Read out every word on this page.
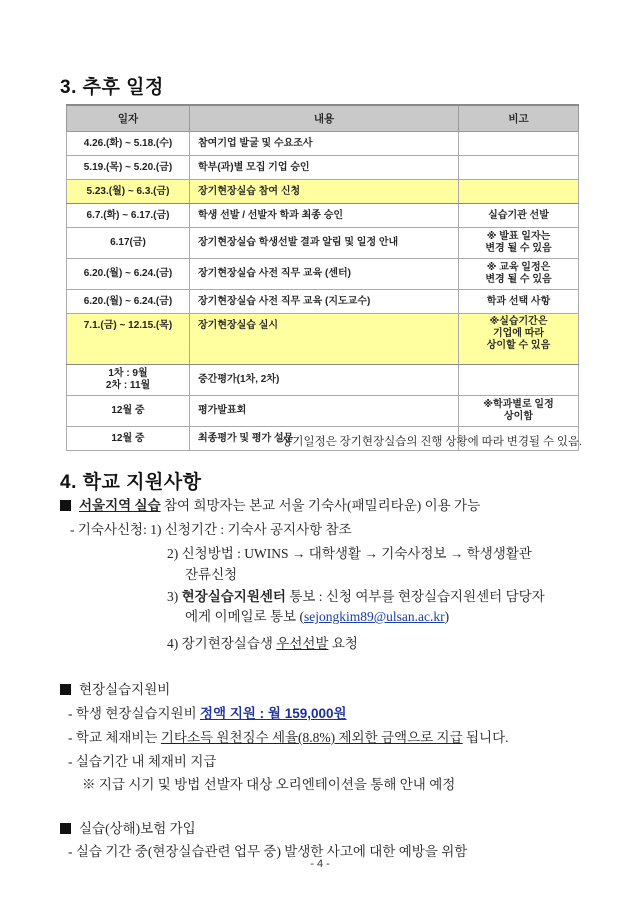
3. 추후 일정
일자	내용	비고
4.26.(화) ~ 5.18.(수)	참여기업 발굴 및 수요조사	
5.19.(목) ~ 5.20.(금)	학부(과)별 모집 기업 승인	
5.23.(월) ~ 6.3.(금)	장기현장실습 참여 신청	
6.7.(화) ~ 6.17.(금)	학생 선발 / 선발자 학과 최종 승인	실습기관 선발
6.17(금)	장기현장실습 학생선발 결과 알림 및 일정 안내	※ 발표 일자는
변경 될 수 있음

6.20.(월) ~ 6.24.(금)	장기현장실습 사전 직무 교육 (센터)	※ 교육 일정은
변경 될 수 있음

6.20.(월) ~ 6.24.(금)	장기현장실습 사전 직무 교육 (지도교수)	학과 선택 사항
7.1.(금) ~ 12.15.(목)	장기현장실습 실시	※실습기간은
기업에 따라
상이할 수 있음

1차 : 9월
2차 : 11월	중간평가(1차, 2차)	
12월 중	평가발표회	※학과별로 일정
상이함

12월 중	최종평가 및 평가 설문	
-상기일정은 장기현장실습의 진행 상황에 따라 변경될 수 있음.
4. 학교 지원사항
서울지역 실습 참여 희망자는 본교 서울 기숙사(패밀리타운) 이용 가능
- 기숙사신청: 1) 신청기간 : 기숙사 공지사항 참조
2) 신청방법 : UWINS → 대학생활 → 기숙사정보 → 학생생활관
잔류신청
3) 현장실습지원센터 통보 : 신청 여부를 현장실습지원센터 담당자
에게 이메일로 통보 (sejongkim89@ulsan.ac.kr)
4) 장기현장실습생 우선선발 요청
현장실습지원비
- 학생 현장실습지원비 정액 지원 : 월 159,000원
- 학교 체재비는 기타소득 원천징수 세율(8.8%) 제외한 금액으로 지급 됩니다.
- 실습기간 내 체재비 지급
※ 지급 시기 및 방법 선발자 대상 오리엔테이션을 통해 안내 예정
실습(상해)보험 가입
- 실습 기간 중(현장실습관련 업무 중) 발생한 사고에 대한 예방을 위함
- 4 -
